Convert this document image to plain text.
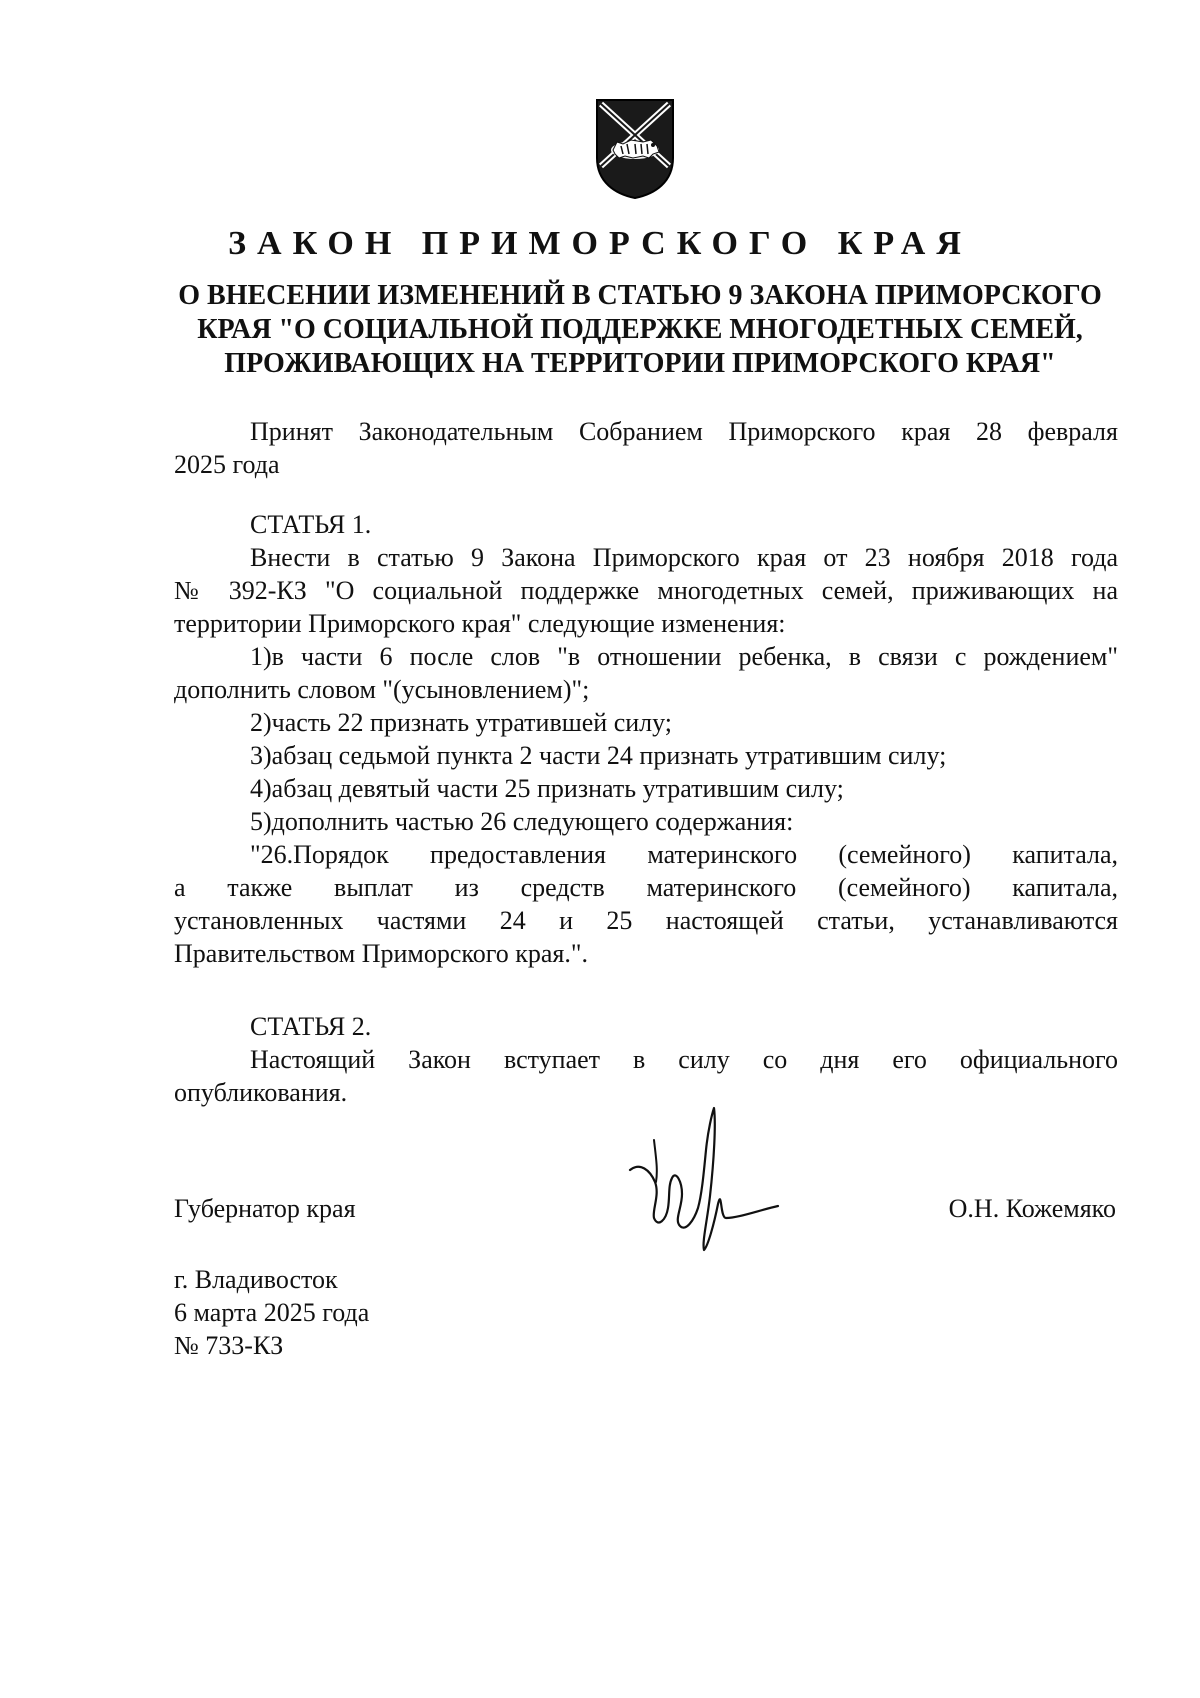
ЗАКОН ПРИМОРСКОГО КРАЯ
О ВНЕСЕНИИ ИЗМЕНЕНИЙ В СТАТЬЮ 9 ЗАКОНА ПРИМОРСКОГО
КРАЯ "О СОЦИАЛЬНОЙ ПОДДЕРЖКЕ МНОГОДЕТНЫХ СЕМЕЙ,
ПРОЖИВАЮЩИХ НА ТЕРРИТОРИИ ПРИМОРСКОГО КРАЯ"
Принят Законодательным Собранием Приморского края 28 февраля
2025 года
СТАТЬЯ 1.
Внести в статью 9 Закона Приморского края от 23 ноября 2018 года
№ 392-КЗ "О социальной поддержке многодетных семей, приживающих на
территории Приморского края" следующие изменения:
1)в части 6 после слов "в отношении ребенка, в связи с рождением"
дополнить словом "(усыновлением)";
2)часть 22 признать утратившей силу;
3)абзац седьмой пункта 2 части 24 признать утратившим силу;
4)абзац девятый части 25 признать утратившим силу;
5)дополнить частью 26 следующего содержания:
"26.Порядок предоставления материнского (семейного) капитала,
а также выплат из средств материнского (семейного) капитала,
установленных частями 24 и 25 настоящей статьи, устанавливаются
Правительством Приморского края.".
СТАТЬЯ 2.
Настоящий Закон вступает в силу со дня его официального
опубликования.
Губернатор края	О.Н. Кожемяко
г. Владивосток
6 марта 2025 года
№ 733-КЗ
